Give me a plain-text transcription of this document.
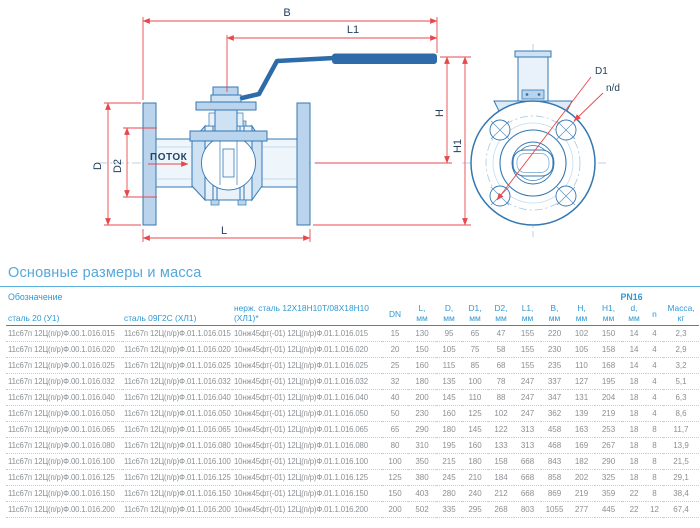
B
L1
H
H1
D D2
L
D1
n/d
ПОТОК
Основные размеры и масса
Обозначение			PN16											
сталь 20 (У1)	сталь 09Г2С (ХЛ1)	нерж. сталь 12Х18Н10Т/08Х18Н10 (ХЛ1)*	DN	L,
мм	D,
мм	D1,
мм	D2,
мм	L1,
мм	B,
мм	H,
мм	H1,
мм	d,
мм	n	Масса,
кг
11с67п 12Ц(п/р)Ф.00.1.016.015	11с67п 12Ц(п/р)Ф.01.1.016.015	10нж45фт(-01) 12Ц(п/р)Ф.01.1.016.015	15	130	95	65	47	155	220	102	150	14	4	2,3
11с67п 12Ц(п/р)Ф.00.1.016.020	11с67п 12Ц(п/р)Ф.01.1.016.020	10нж45фт(-01) 12Ц(п/р)Ф.01.1.016.020	20	150	105	75	58	155	230	105	158	14	4	2,9
11с67п 12Ц(п/р)Ф.00.1.016.025	11с67п 12Ц(п/р)Ф.01.1.016.025	10нж45фт(-01) 12Ц(п/р)Ф.01.1.016.025	25	160	115	85	68	155	235	110	168	14	4	3,2
11с67п 12Ц(п/р)Ф.00.1.016.032	11с67п 12Ц(п/р)Ф.01.1.016.032	10нж45фт(-01) 12Ц(п/р)Ф.01.1.016.032	32	180	135	100	78	247	337	127	195	18	4	5,1
11с67п 12Ц(п/р)Ф.00.1.016.040	11с67п 12Ц(п/р)Ф.01.1.016.040	10нж45фт(-01) 12Ц(п/р)Ф.01.1.016.040	40	200	145	110	88	247	347	131	204	18	4	6,3
11с67п 12Ц(п/р)Ф.00.1.016.050	11с67п 12Ц(п/р)Ф.01.1.016.050	10нж45фт(-01) 12Ц(п/р)Ф.01.1.016.050	50	230	160	125	102	247	362	139	219	18	4	8,6
11с67п 12Ц(п/р)Ф.00.1.016.065	11с67п 12Ц(п/р)Ф.01.1.016.065	10нж45фт(-01) 12Ц(п/р)Ф.01.1.016.065	65	290	180	145	122	313	458	163	253	18	8	11,7
11с67п 12Ц(п/р)Ф.00.1.016.080	11с67п 12Ц(п/р)Ф.01.1.016.080	10нж45фт(-01) 12Ц(п/р)Ф.01.1.016.080	80	310	195	160	133	313	468	169	267	18	8	13,9
11с67п 12Ц(п/р)Ф.00.1.016.100	11с67п 12Ц(п/р)Ф.01.1.016.100	10нж45фт(-01) 12Ц(п/р)Ф.01.1.016.100	100	350	215	180	158	668	843	182	290	18	8	21,5
11с67п 12Ц(п/р)Ф.00.1.016.125	11с67п 12Ц(п/р)Ф.01.1.016.125	10нж45фт(-01) 12Ц(п/р)Ф.01.1.016.125	125	380	245	210	184	668	858	202	325	18	8	29,1
11с67п 12Ц(п/р)Ф.00.1.016.150	11с67п 12Ц(п/р)Ф.01.1.016.150	10нж45фт(-01) 12Ц(п/р)Ф.01.1.016.150	150	403	280	240	212	668	869	219	359	22	8	38,4
11с67п 12Ц(п/р)Ф.00.1.016.200	11с67п 12Ц(п/р)Ф.01.1.016.200	10нж45фт(-01) 12Ц(п/р)Ф.01.1.016.200	200	502	335	295	268	803	1055	277	445	22	12	67,4
